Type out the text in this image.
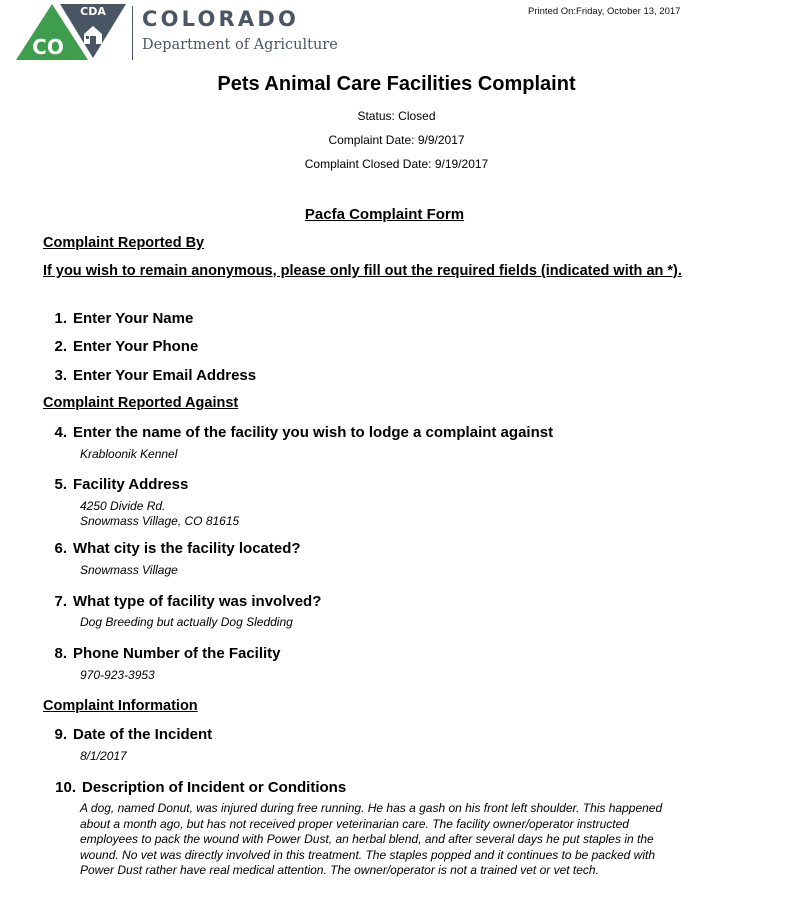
CDA
CO
COLORADO
Department of Agriculture
Printed On:Friday, October 13, 2017
Pets Animal Care Facilities Complaint
Status: Closed
Complaint Date: 9/9/2017
Complaint Closed Date: 9/19/2017
Pacfa Complaint Form
Complaint Reported By
If you wish to remain anonymous, please only fill out the required fields (indicated with an *).
1. Enter Your Name
2. Enter Your Phone
3. Enter Your Email Address
Complaint Reported Against
4. Enter the name of the facility you wish to lodge a complaint against
Krabloonik Kennel
5. Facility Address
4250 Divide Rd.
Snowmass Village, CO 81615
6. What city is the facility located?
Snowmass Village
7. What type of facility was involved?
Dog Breeding but actually Dog Sledding
8. Phone Number of the Facility
970-923-3953
Complaint Information
9. Date of the Incident
8/1/2017
10. Description of Incident or Conditions
A dog, named Donut, was injured during free running. He has a gash on his front left shoulder. This happened about a month ago, but has not received proper veterinarian care. The facility owner/operator instructed employees to pack the wound with Power Dust, an herbal blend, and after several days he put staples in the wound. No vet was directly involved in this treatment. The staples popped and it continues to be packed with Power Dust rather have real medical attention. The owner/operator is not a trained vet or vet tech.
